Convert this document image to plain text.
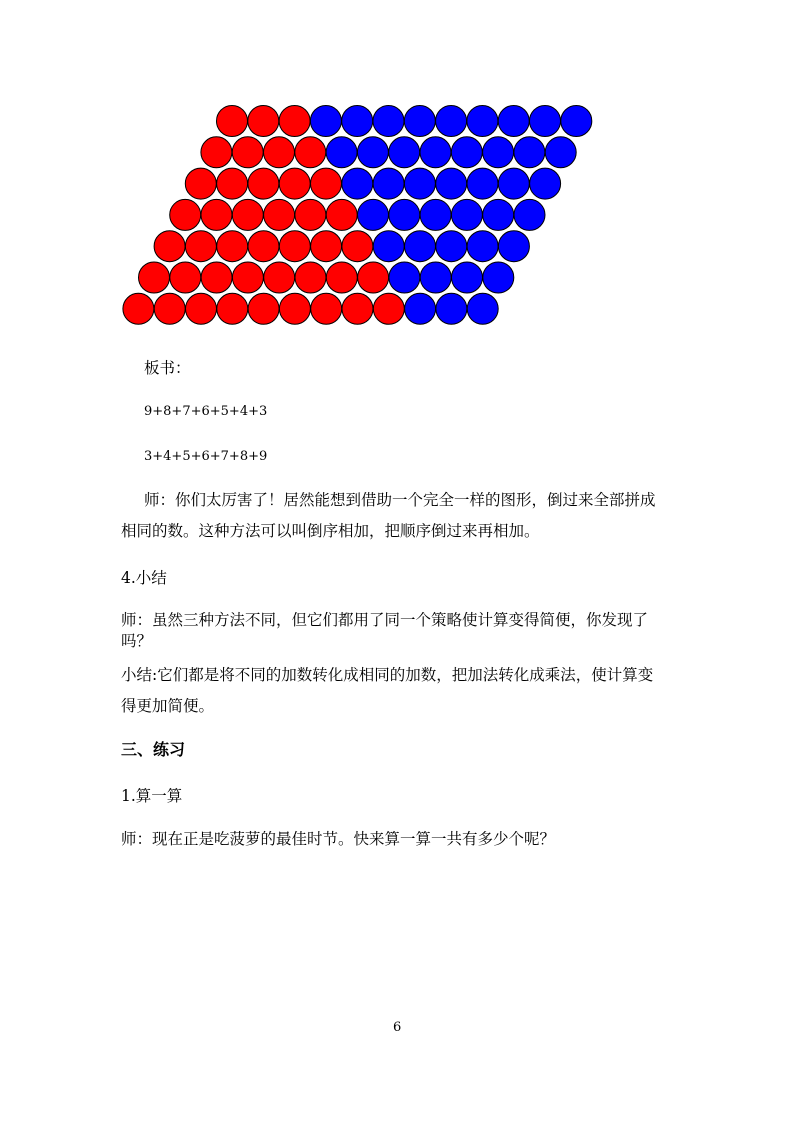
板书：
9+8+7+6+5+4+3
3+4+5+6+7+8+9
师：你们太厉害了！居然能想到借助一个完全一样的图形，倒过来全部拼成
相同的数。这种方法可以叫倒序相加，把顺序倒过来再相加。
4.小结
师：虽然三种方法不同，但它们都用了同一个策略使计算变得简便，你发现了
吗？
小结:它们都是将不同的加数转化成相同的加数，把加法转化成乘法，使计算变
得更加简便。
三、练习
1.算一算
师：现在正是吃菠萝的最佳时节。快来算一算一共有多少个呢？
6
